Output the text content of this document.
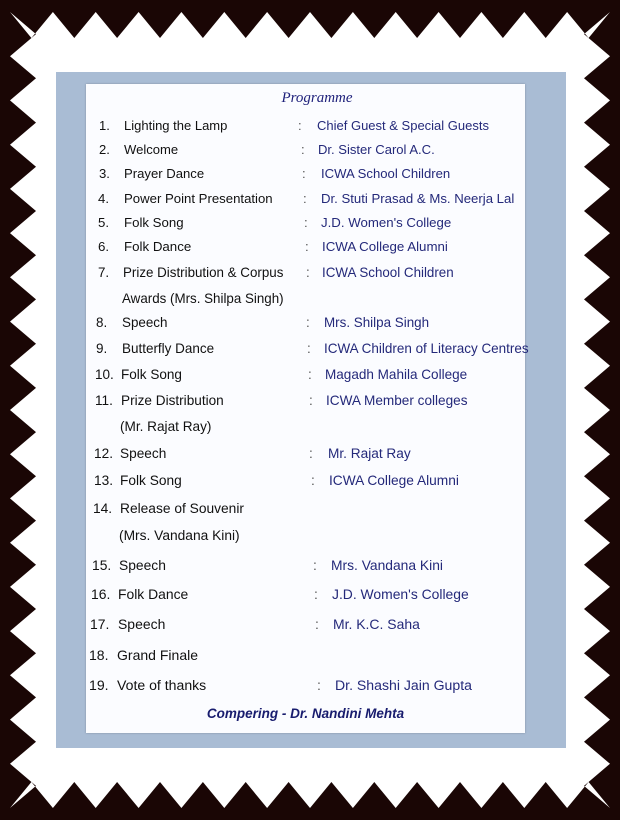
Programme
1. Lighting the Lamp	: Chief Guest & Special Guests
2. Welcome	: Dr. Sister Carol A.C.
3. Prayer Dance	: ICWA School Children
4. Power Point Presentation : Dr. Stuti Prasad & Ms. Neerja Lal
5. Folk Song	: J.D. Women's College
6. Folk Dance	: ICWA College Alumni
7. Prize Distribution & Corpus
Awards (Mrs. Shilpa Singh)
: ICWA School Children
8. Speech	: Mrs. Shilpa Singh
9. Butterfly Dance	: ICWA Children of Literacy Centres
10. Folk Song	: Magadh Mahila College
11. Prize Distribution
(Mr. Rajat Ray)
: ICWA Member colleges
12. Speech	: Mr. Rajat Ray
13. Folk Song	: ICWA College Alumni
14. Release of Souvenir
(Mrs. Vandana Kini)
15. Speech	: Mrs. Vandana Kini
16. Folk Dance	: J.D. Women's College
17. Speech	: Mr. K.C. Saha
18. Grand Finale
19. Vote of thanks	: Dr. Shashi Jain Gupta
Compering - Dr. Nandini Mehta
